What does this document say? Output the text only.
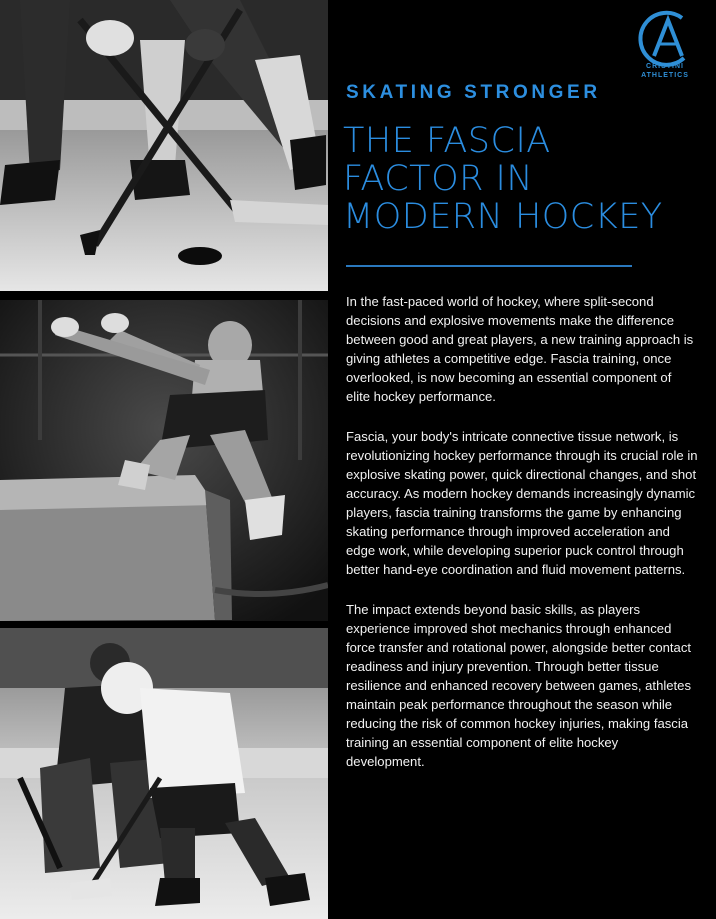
CRISTINI
ATHLETICS
SKATING STRONGER
THE FASCIA
FACTOR IN
MODERN HOCKEY

In the fast-paced world of hockey, where split-second decisions and explosive movements make the difference between good and great players, a new training approach is giving athletes a competitive edge. Fascia training, once overlooked, is now becoming an essential component of elite hockey performance.

Fascia, your body's intricate connective tissue network, is revolutionizing hockey performance through its crucial role in explosive skating power, quick directional changes, and shot accuracy. As modern hockey demands increasingly dynamic players, fascia training transforms the game by enhancing skating performance through improved acceleration and edge work, while developing superior puck control through better hand-eye coordination and fluid movement patterns.

The impact extends beyond basic skills, as players experience improved shot mechanics through enhanced force transfer and rotational power, alongside better contact readiness and injury prevention. Through better tissue resilience and enhanced recovery between games, athletes maintain peak performance throughout the season while reducing the risk of common hockey injuries, making fascia training an essential component of elite hockey development.
